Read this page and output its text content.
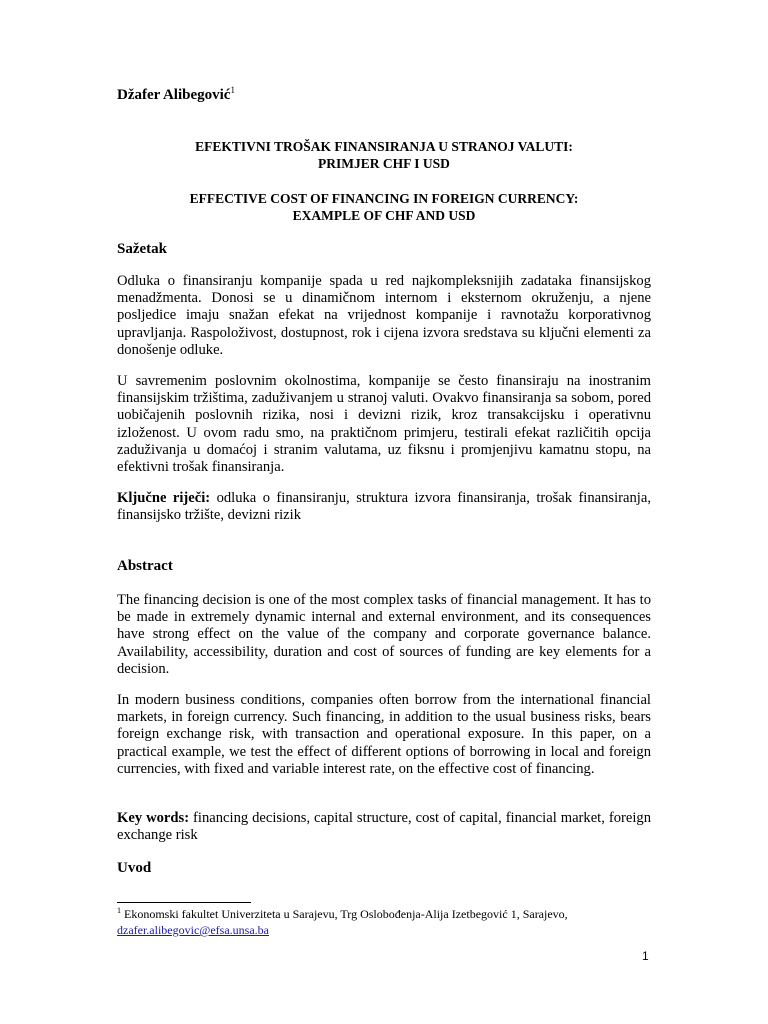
Džafer Alibegović$^1$
EFEKTIVNI TROŠAK FINANSIRANJA U STRANOJ VALUTI:
PRIMJER CHF I USD
EFFECTIVE COST OF FINANCING IN FOREIGN CURRENCY:
EXAMPLE OF CHF AND USD
Sažetak
Odluka o finansiranju kompanije spada u red najkompleksnijih zadataka finansijskog menadžmenta. Donosi se u dinamičnom internom i eksternom okruženju, a njene posljedice imaju snažan efekat na vrijednost kompanije i ravnotažu korporativnog upravljanja. Raspoloživost, dostupnost, rok i cijena izvora sredstava su ključni elementi za donošenje odluke.
U savremenim poslovnim okolnostima, kompanije se često finansiraju na inostranim finansijskim tržištima, zaduživanjem u stranoj valuti. Ovakvo finansiranja sa sobom, pored uobičajenih poslovnih rizika, nosi i devizni rizik, kroz transakcijsku i operativnu izloženost. U ovom radu smo, na praktičnom primjeru, testirali efekat različitih opcija zaduživanja u domaćoj i stranim valutama, uz fiksnu i promjenjivu kamatnu stopu, na efektivni trošak finansiranja.
Ključne riječi: odluka o finansiranju, struktura izvora finansiranja, trošak finansiranja, finansijsko tržište, devizni rizik
Abstract
The financing decision is one of the most complex tasks of financial management. It has to be made in extremely dynamic internal and external environment, and its consequences have strong effect on the value of the company and corporate governance balance. Availability, accessibility, duration and cost of sources of funding are key elements for a decision.
In modern business conditions, companies often borrow from the international financial markets, in foreign currency. Such financing, in addition to the usual business risks, bears foreign exchange risk, with transaction and operational exposure. In this paper, on a practical example, we test the effect of different options of borrowing in local and foreign currencies, with fixed and variable interest rate, on the effective cost of financing.
Key words: financing decisions, capital structure, cost of capital, financial market, foreign exchange risk
Uvod
$^1$ Ekonomski fakultet Univerziteta u Sarajevu, Trg Oslobođenja-Alija Izetbegović 1, Sarajevo,
dzafer.alibegovic@efsa.unsa.ba
1
